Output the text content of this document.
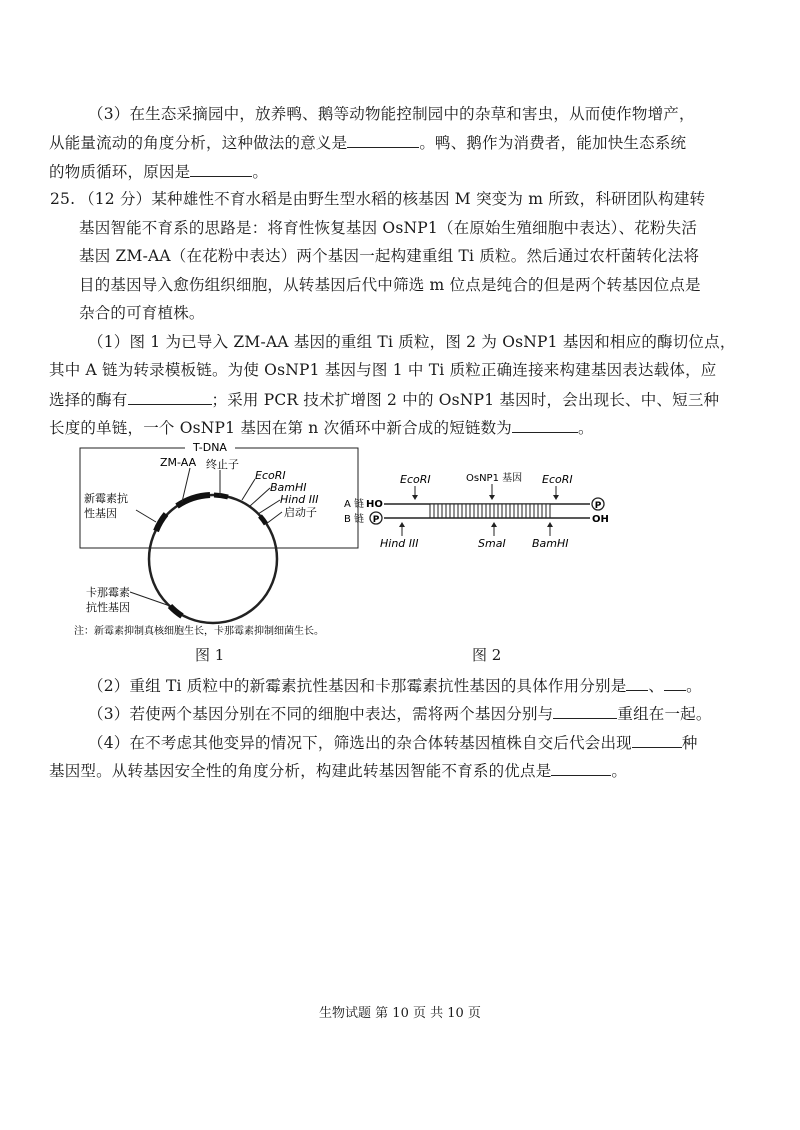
（3）在生态采摘园中，放养鸭、鹅等动物能控制园中的杂草和害虫，从而使作物增产，
从能量流动的角度分析，这种做法的意义是	。鸭、鹅作为消费者，能加快生态系统
的物质循环，原因是	。
25. （12 分）某种雄性不育水稻是由野生型水稻的核基因 M 突变为 m 所致，科研团队构建转
基因智能不育系的思路是：将育性恢复基因 OsNP1（在原始生殖细胞中表达）、花粉失活
基因 ZM-AA（在花粉中表达）两个基因一起构建重组 Ti 质粒。然后通过农杆菌转化法将
目的基因导入愈伤组织细胞，从转基因后代中筛选 m 位点是纯合的但是两个转基因位点是
杂合的可育植株。
（1）图 1 为已导入 ZM-AA 基因的重组 Ti 质粒，图 2 为 OsNP1 基因和相应的酶切位点，
其中 A 链为转录模板链。为使 OsNP1 基因与图 1 中 Ti 质粒正确连接来构建基因表达载体，应
选择的酶有	；采用 PCR 技术扩增图 2 中的 OsNP1 基因时，会出现长、中、短三种
长度的单链，一个 OsNP1 基因在第 n 次循环中新合成的短链数为	。
T-DNA
ZM-AA 终止子
EcoRI
BamHI
Hind III
启动子
新霉素抗
性基因
卡那霉素
抗性基因
注：新霉素抑制真核细胞生长，卡那霉素抑制细菌生长。
图 1
EcoRI	OsNP1 基因 EcoRI
A 链 HO	P
B 链 P	OH
Hind III	SmaI BamHI
图 2
（2）重组 Ti 质粒中的新霉素抗性基因和卡那霉素抗性基因的具体作用分别是 、 。
（3）若使两个基因分别在不同的细胞中表达，需将两个基因分别与	重组在一起。
（4）在不考虑其他变异的情况下，筛选出的杂合体转基因植株自交后代会出现	种
基因型。从转基因安全性的角度分析，构建此转基因智能不育系的优点是	。
生物试题 第 10 页 共 10 页
